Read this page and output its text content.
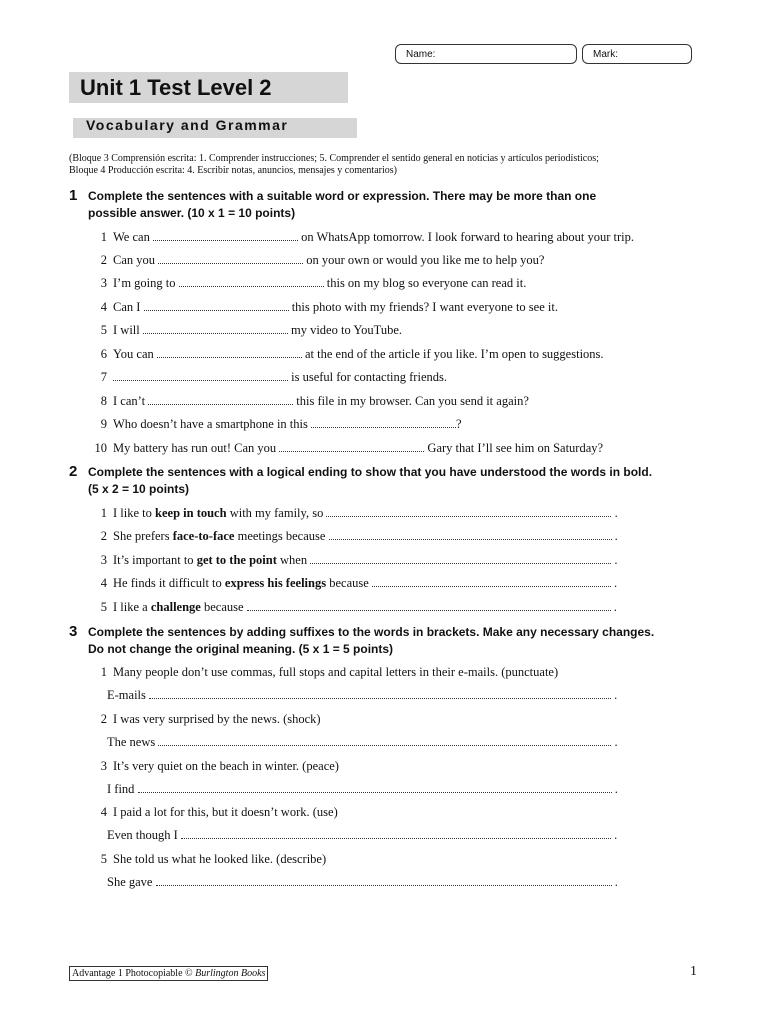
Name:	Mark:
Unit 1 Test Level 2
Vocabulary and Grammar
(Bloque 3 Comprensión escrita: 1. Comprender instrucciones; 5. Comprender el sentido general en noticias y artículos periodísticos;
Bloque 4 Producción escrita: 4. Escribir notas, anuncios, mensajes y comentarios)
1 Complete the sentences with a suitable word or expression. There may be more than one
possible answer. (10 x 1 = 10 points)
1 We can	on WhatsApp tomorrow. I look forward to hearing about your trip.
2 Can you	on your own or would you like me to help you?
3 I’m going to	this on my blog so everyone can read it.
4 Can I	this photo with my friends? I want everyone to see it.
5 I will	my video to YouTube.
6 You can	at the end of the article if you like. I’m open to suggestions.
7	is useful for contacting friends.
8 I can’t	this file in my browser. Can you send it again?
9 Who doesn’t have a smartphone in this	?
10 My battery has run out! Can you	Gary that I’ll see him on Saturday?
2 Complete the sentences with a logical ending to show that you have understood the words in bold.
(5 x 2 = 10 points)
1 I like to keep in touch with my family, so	.
2 She prefers face-to-face meetings because	.
3 It’s important to get to the point when	.
4 He finds it difficult to express his feelings because	.
5 I like a challenge because	.
3 Complete the sentences by adding suffixes to the words in brackets. Make any necessary changes.
Do not change the original meaning. (5 x 1 = 5 points)
1 Many people don’t use commas, full stops and capital letters in their e-mails. (punctuate)
E-mails	.
2 I was very surprised by the news. (shock)
The news	.
3 It’s very quiet on the beach in winter. (peace)
I find	.
4 I paid a lot for this, but it doesn’t work. (use)
Even though I	.
5 She told us what he looked like. (describe)
She gave	.
Advantage 1 Photocopiable © Burlington Books	1
